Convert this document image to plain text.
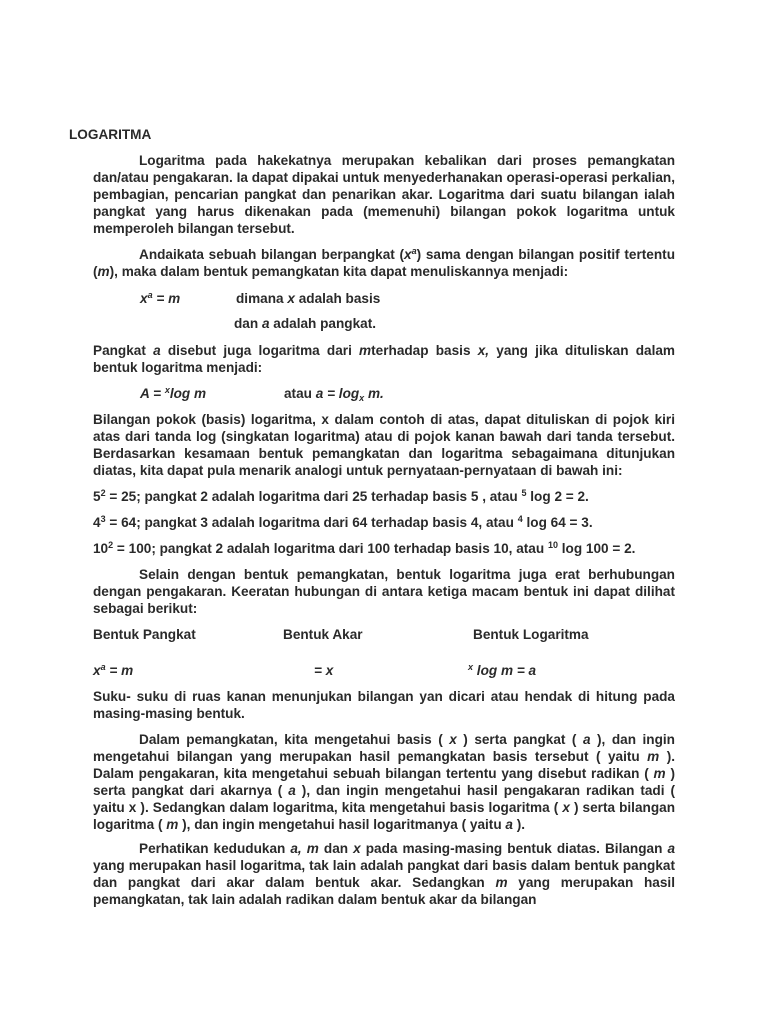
LOGARITMA

Logaritma pada hakekatnya merupakan kebalikan dari proses pemangkatan dan/atau pengakaran. Ia dapat dipakai untuk menyederhanakan operasi-operasi perkalian, pembagian, pencarian pangkat dan penarikan akar. Logaritma dari suatu bilangan ialah pangkat yang harus dikenakan pada (memenuhi) bilangan pokok logaritma untuk memperoleh bilangan tersebut.

Andaikata sebuah bilangan berpangkat $(x^a)$ sama dengan bilangan positif tertentu (m), maka dalam bentuk pemangkatan kita dapat menuliskannya menjadi:

$x^a = m$	dimana x adalah basis
dan a adalah pangkat.

Pangkat a disebut juga logaritma dari mterhadap basis x, yang jika dituliskan dalam bentuk logaritma menjadi:

A = $^x$log m	atau $a = \log_x m$.

Bilangan pokok (basis) logaritma, x dalam contoh di atas, dapat dituliskan di pojok kiri atas dari tanda log (singkatan logaritma) atau di pojok kanan bawah dari tanda tersebut. Berdasarkan kesamaan bentuk pemangkatan dan logaritma sebagaimana ditunjukan diatas, kita dapat pula menarik analogi untuk pernyataan-pernyataan di bawah ini:

$5^2 = 25$; pangkat 2 adalah logaritma dari 25 terhadap basis 5 , atau $^5$ log 2 = 2.
$4^3 = 64$; pangkat 3 adalah logaritma dari 64 terhadap basis 4, atau $^4$ log 64 = 3.
$10^2 = 100$; pangkat 2 adalah logaritma dari 100 terhadap basis 10, atau $^{10}$ log 100 = 2.

Selain dengan bentuk pemangkatan, bentuk logaritma juga erat berhubungan dengan pengakaran. Keeratan hubungan di antara ketiga macam bentuk ini dapat dilihat sebagai berikut:

Bentuk Pangkat	Bentuk Akar	Bentuk Logaritma
$x^a = m$	= x	$^x$ log m = a

Suku- suku di ruas kanan menunjukan bilangan yan dicari atau hendak di hitung pada masing-masing bentuk.

Dalam pemangkatan, kita mengetahui basis ( x ) serta pangkat ( a ), dan ingin mengetahui bilangan yang merupakan hasil pemangkatan basis tersebut ( yaitu m ). Dalam pengakaran, kita mengetahui sebuah bilangan tertentu yang disebut radikan ( m ) serta pangkat dari akarnya ( a ), dan ingin mengetahui hasil pengakaran radikan tadi ( yaitu x ). Sedangkan dalam logaritma, kita mengetahui basis logaritma ( x ) serta bilangan logaritma ( m ), dan ingin mengetahui hasil logaritmanya ( yaitu a ).

Perhatikan kedudukan a, m dan x pada masing-masing bentuk diatas. Bilangan a yang merupakan hasil logaritma, tak lain adalah pangkat dari basis dalam bentuk pangkat dan pangkat dari akar dalam bentuk akar. Sedangkan m yang merupakan hasil pemangkatan, tak lain adalah radikan dalam bentuk akar da bilangan
